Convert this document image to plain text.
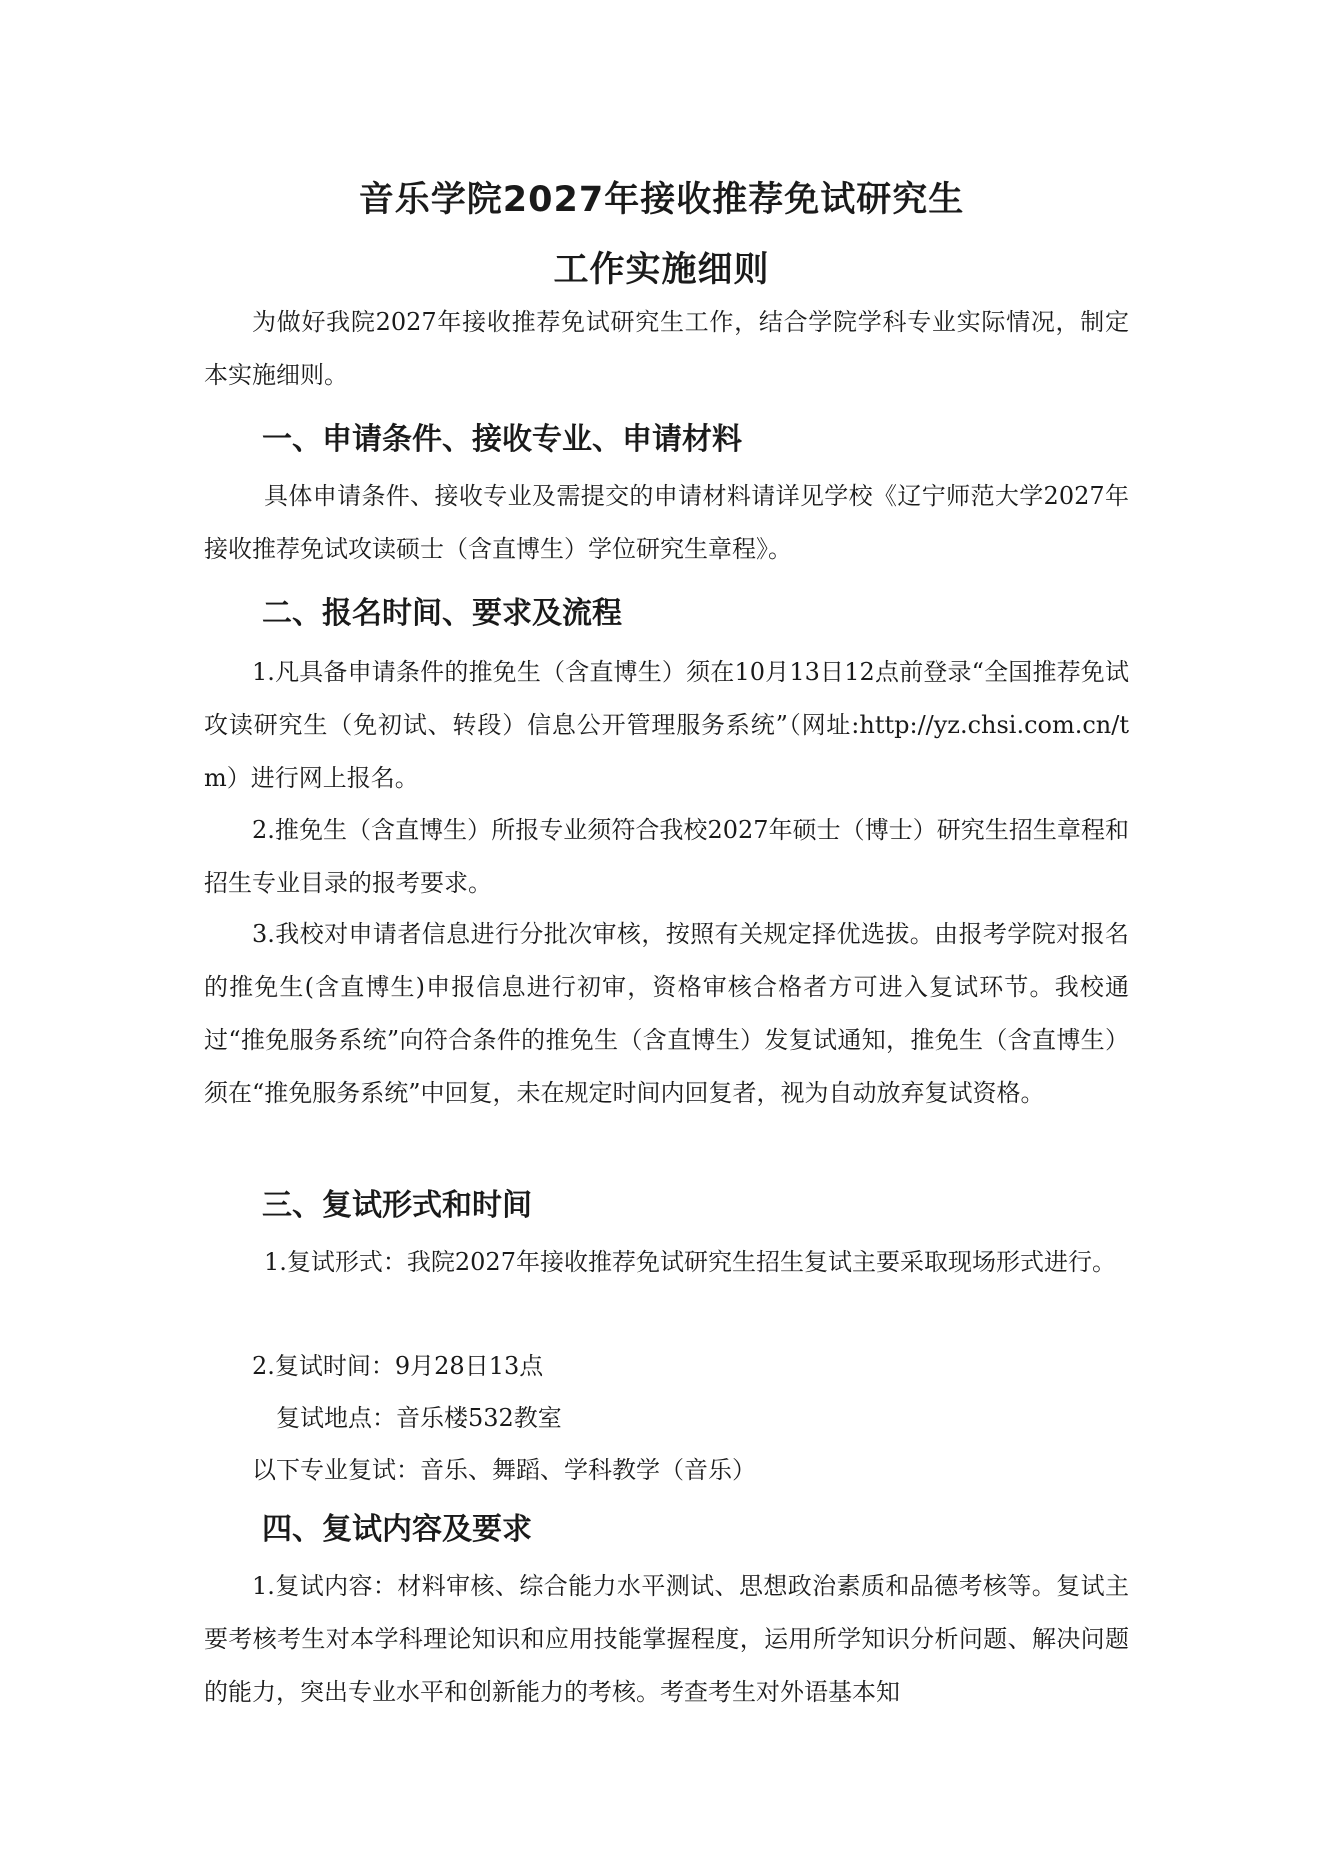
音乐学院2027年接收推荐免试研究生
工作实施细则
为做好我院2027年接收推荐免试研究生工作，结合学院学科专业实际情况，制定本实施细则。
一、申请条件、接收专业、申请材料
具体申请条件、接收专业及需提交的申请材料请详见学校《辽宁师范大学2027年接收推荐免试攻读硕士（含直博生）学位研究生章程》。
二、报名时间、要求及流程
1.凡具备申请条件的推免生（含直博生）须在10月13日12点前登录“全国推荐免试攻读研究生（免初试、转段）信息公开管理服务系统”（网址:http://yz.chsi.com.cn/tm）进行网上报名。
2.推免生（含直博生）所报专业须符合我校2027年硕士（博士）研究生招生章程和招生专业目录的报考要求。
3.我校对申请者信息进行分批次审核，按照有关规定择优选拔。由报考学院对报名的推免生(含直博生)申报信息进行初审，资格审核合格者方可进入复试环节。我校通过“推免服务系统”向符合条件的推免生（含直博生）发复试通知，推免生（含直博生）须在“推免服务系统”中回复，未在规定时间内回复者，视为自动放弃复试资格。
三、复试形式和时间
1.复试形式：我院2027年接收推荐免试研究生招生复试主要采取现场形式进行。
2.复试时间：9月28日13点
复试地点：音乐楼532教室
以下专业复试：音乐、舞蹈、学科教学（音乐）
四、复试内容及要求
1.复试内容：材料审核、综合能力水平测试、思想政治素质和品德考核等。复试主要考核考生对本学科理论知识和应用技能掌握程度，运用所学知识分析问题、解决问题的能力，突出专业水平和创新能力的考核。考查考生对外语基本知
